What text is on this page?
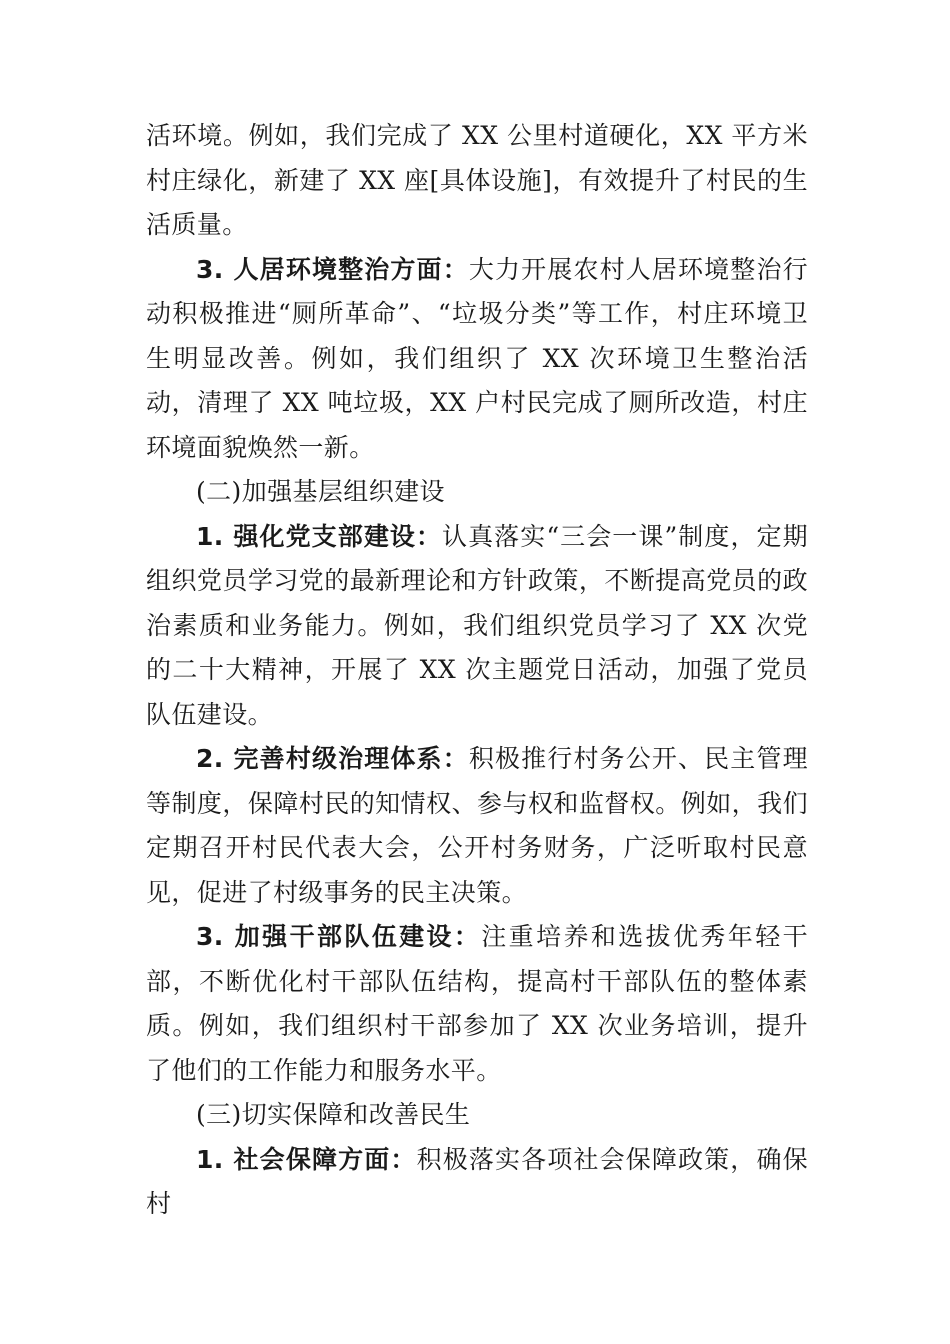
活环境。例如，我们完成了 XX 公里村道硬化，XX 平方米村庄绿化，新建了 XX 座[具体设施]，有效提升了村民的生活质量。

3. 人居环境整治方面：大力开展农村人居环境整治行动积极推进“厕所革命”、“垃圾分类”等工作，村庄环境卫生明显改善。例如，我们组织了 XX 次环境卫生整治活动，清理了 XX 吨垃圾，XX 户村民完成了厕所改造，村庄环境面貌焕然一新。

(二)加强基层组织建设

1. 强化党支部建设：认真落实“三会一课”制度，定期组织党员学习党的最新理论和方针政策，不断提高党员的政治素质和业务能力。例如，我们组织党员学习了 XX 次党的二十大精神，开展了 XX 次主题党日活动，加强了党员队伍建设。

2. 完善村级治理体系：积极推行村务公开、民主管理等制度，保障村民的知情权、参与权和监督权。例如，我们定期召开村民代表大会，公开村务财务，广泛听取村民意见，促进了村级事务的民主决策。

3. 加强干部队伍建设：注重培养和选拔优秀年轻干部，不断优化村干部队伍结构，提高村干部队伍的整体素质。例如，我们组织村干部参加了 XX 次业务培训，提升了他们的工作能力和服务水平。

(三)切实保障和改善民生

1. 社会保障方面：积极落实各项社会保障政策，确保村
